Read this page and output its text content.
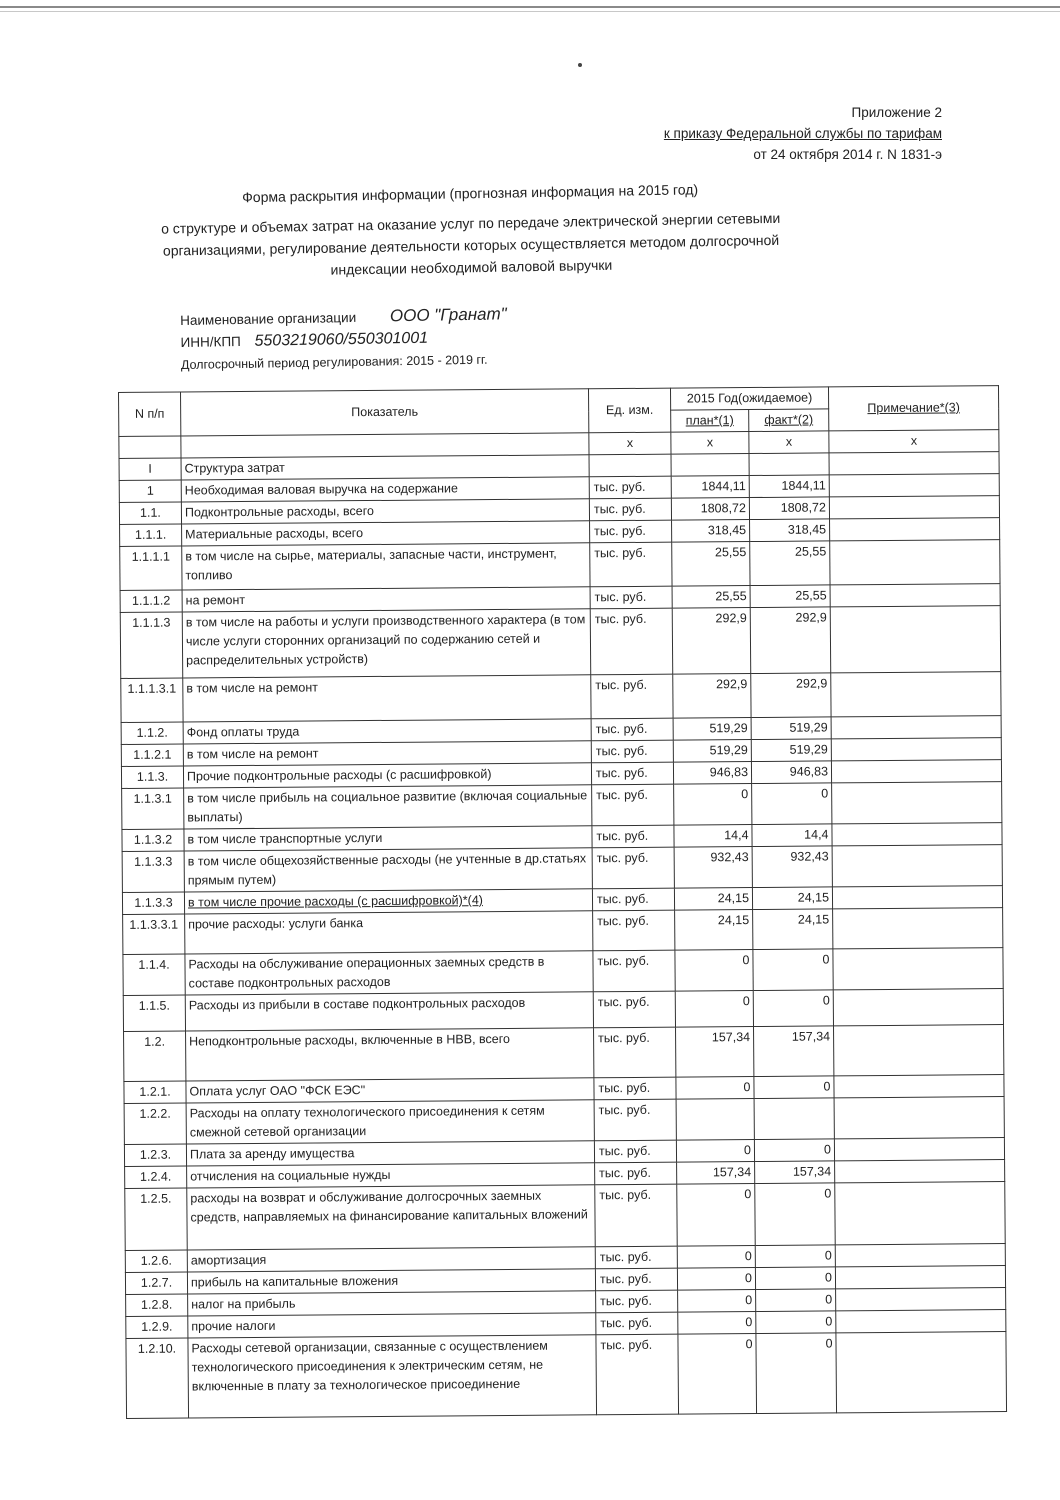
Приложение 2
к приказу Федеральной службы по тарифам
от 24 октября 2014 г. N 1831-э
Форма раскрытия информации (прогнозная информация на 2015 год)
о структуре и объемах затрат на оказание услуг по передаче электрической энергии сетевыми организациями, регулирование деятельности которых осуществляется методом долгосрочной индексации необходимой валовой выручки
Наименование организации ООО "Гранат"
ИНН/КПП 5503219060/550301001
Долгосрочный период регулирования: 2015 - 2019 гг.
N п/п	Показатель	Ед. изм.	2015 Год(ожидаемое)		Примечание*(3)
			план*(1)	факт*(2)	
		х	х	х	х
I	Структура затрат				
1	Необходимая валовая выручка на содержание	тыс. руб.	1844,11	1844,11	
1.1.	Подконтрольные расходы, всего	тыс. руб.	1808,72	1808,72	
1.1.1.	Материальные расходы, всего	тыс. руб.	318,45	318,45	
1.1.1.1	в том числе на сырье, материалы, запасные части, инструмент, топливо	тыс. руб.	25,55	25,55	
1.1.1.2	на ремонт	тыс. руб.	25,55	25,55	
1.1.1.3	в том числе на работы и услуги производственного характера (в том числе услуги сторонних организаций по содержанию сетей и распределительных устройств)	тыс. руб.	292,9	292,9	
1.1.1.3.1	в том числе на ремонт	тыс. руб.	292,9	292,9	
1.1.2.	Фонд оплаты труда	тыс. руб.	519,29	519,29	
1.1.2.1	в том числе на ремонт	тыс. руб.	519,29	519,29	
1.1.3.	Прочие подконтрольные расходы (с расшифровкой)	тыс. руб.	946,83	946,83	
1.1.3.1	в том числе прибыль на социальное развитие (включая социальные выплаты)	тыс. руб.	0	0	
1.1.3.2	в том числе транспортные услуги	тыс. руб.	14,4	14,4	
1.1.3.3	в том числе общехозяйственные расходы (не учтенные в др.статьях прямым путем)	тыс. руб.	932,43	932,43	
1.1.3.3	в том числе прочие расходы (с расшифровкой)*(4)	тыс. руб.	24,15	24,15	
1.1.3.3.1	прочие расходы: услуги банка	тыс. руб.	24,15	24,15	
1.1.4.	Расходы на обслуживание операционных заемных средств в составе подконтрольных расходов	тыс. руб.	0	0	
1.1.5.	Расходы из прибыли в составе подконтрольных расходов	тыс. руб.	0	0	
1.2.	Неподконтрольные расходы, включенные в НВВ, всего	тыс. руб.	157,34	157,34	
1.2.1.	Оплата услуг ОАО "ФСК ЕЭС"	тыс. руб.	0	0	
1.2.2.	Расходы на оплату технологического присоединения к сетям смежной сетевой организации	тыс. руб.			
1.2.3.	Плата за аренду имущества	тыс. руб.	0	0	
1.2.4.	отчисления на социальные нужды	тыс. руб.	157,34	157,34	
1.2.5.	расходы на возврат и обслуживание долгосрочных заемных средств, направляемых на финансирование капитальных вложений	тыс. руб.	0	0	
1.2.6.	амортизация	тыс. руб.	0	0	
1.2.7.	прибыль на капитальные вложения	тыс. руб.	0	0	
1.2.8.	налог на прибыль	тыс. руб.	0	0	
1.2.9.	прочие налоги	тыс. руб.	0	0	
1.2.10.	Расходы сетевой организации, связанные с осуществлением технологического присоединения к электрическим сетям, не включенные в плату за технологическое присоединение	тыс. руб.	0	0	
